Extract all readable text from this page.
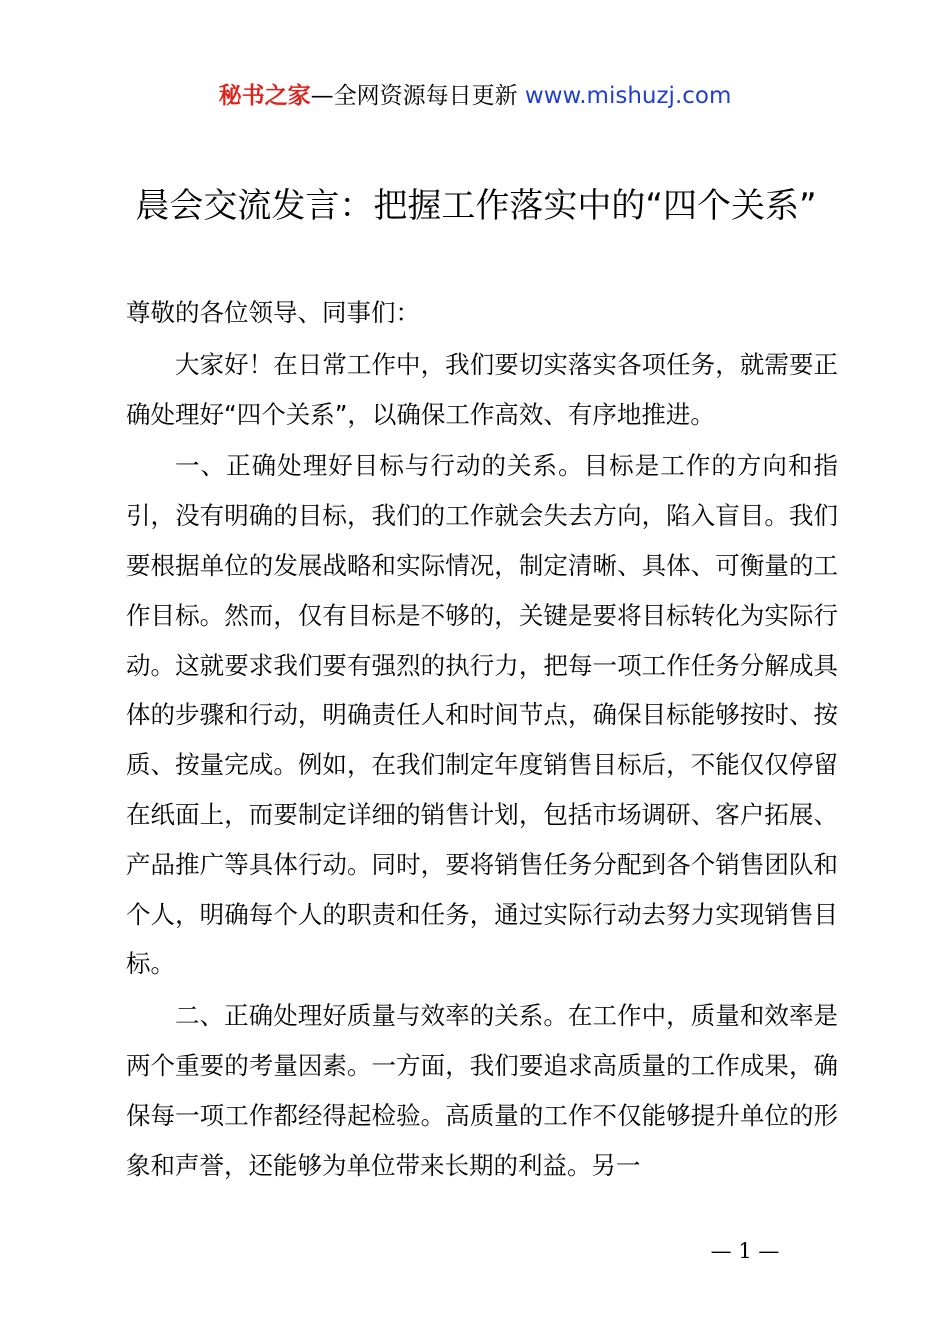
秘书之家—全网资源每日更新 www.mishuzj.com
晨会交流发言：把握工作落实中的“四个关系”

尊敬的各位领导、同事们：

大家好！在日常工作中，我们要切实落实各项任务，就需要正确处理好“四个关系”，以确保工作高效、有序地推进。

一、正确处理好目标与行动的关系。目标是工作的方向和指引，没有明确的目标，我们的工作就会失去方向，陷入盲目。我们要根据单位的发展战略和实际情况，制定清晰、具体、可衡量的工作目标。然而，仅有目标是不够的，关键是要将目标转化为实际行动。这就要求我们要有强烈的执行力，把每一项工作任务分解成具体的步骤和行动，明确责任人和时间节点，确保目标能够按时、按质、按量完成。例如，在我们制定年度销售目标后，不能仅仅停留在纸面上，而要制定详细的销售计划，包括市场调研、客户拓展、产品推广等具体行动。同时，要将销售任务分配到各个销售团队和个人，明确每个人的职责和任务，通过实际行动去努力实现销售目标。

二、正确处理好质量与效率的关系。在工作中，质量和效率是两个重要的考量因素。一方面，我们要追求高质量的工作成果，确保每一项工作都经得起检验。高质量的工作不仅能够提升单位的形象和声誉，还能够为单位带来长期的利益。另一

— 1 —
